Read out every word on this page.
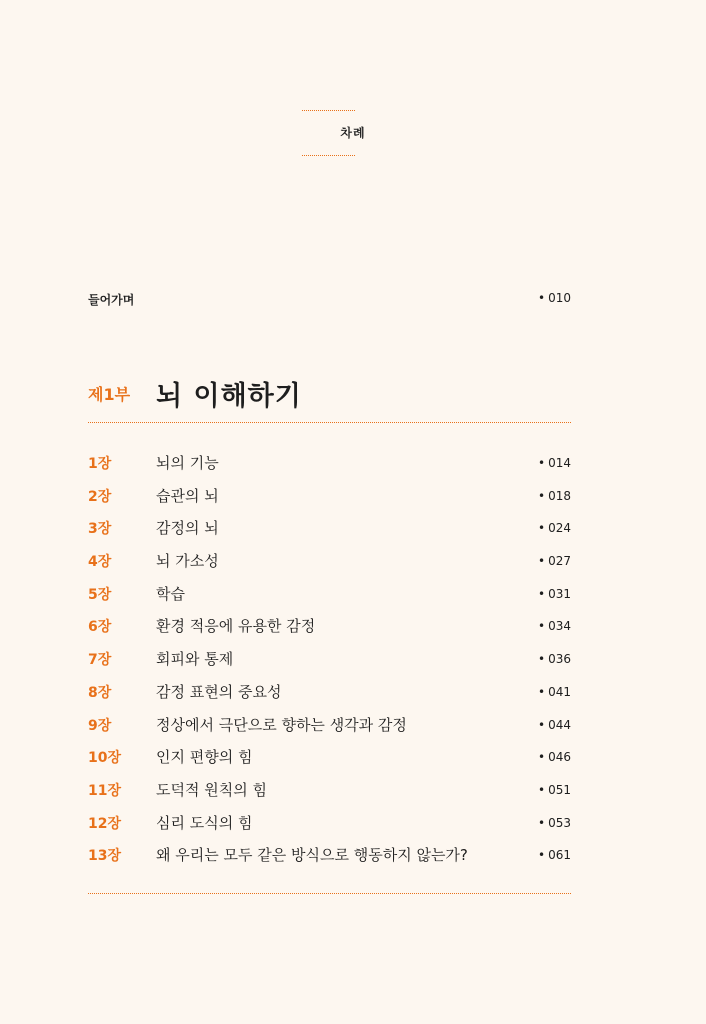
차례
들어가며	• 010
제1부 뇌 이해하기
1장	뇌의 기능	• 014
2장	습관의 뇌	• 018
3장	감정의 뇌	• 024
4장	뇌 가소성	• 027
5장	학습	• 031
6장	환경 적응에 유용한 감정	• 034
7장	회피와 통제	• 036
8장	감정 표현의 중요성	• 041
9장	정상에서 극단으로 향하는 생각과 감정	• 044
10장 인지 편향의 힘	• 046
11장 도덕적 원칙의 힘	• 051
12장 심리 도식의 힘	• 053
13장 왜 우리는 모두 같은 방식으로 행동하지 않는가?	• 061
